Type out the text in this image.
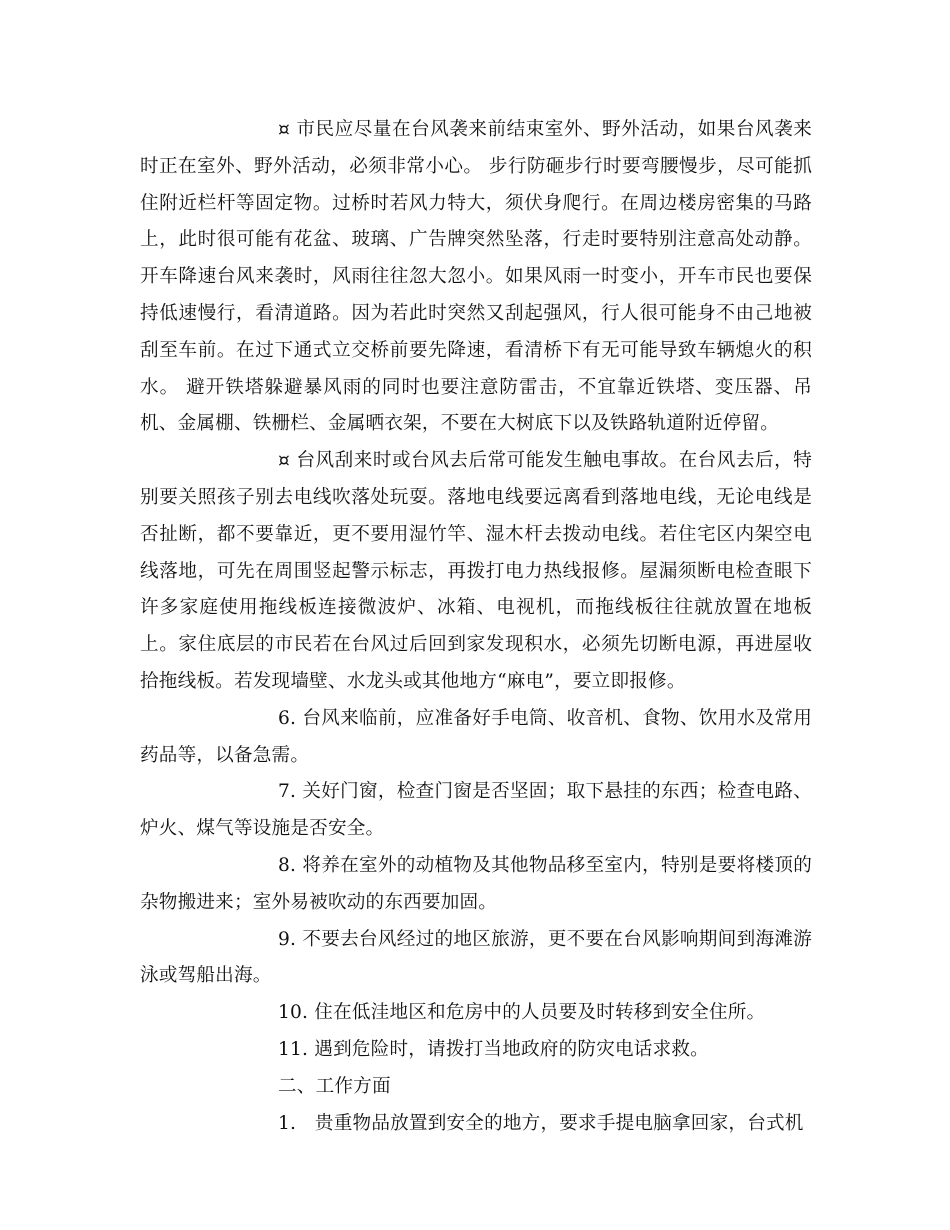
¤ 市民应尽量在台风袭来前结束室外、野外活动，如果台风袭来时正在室外、野外活动，必须非常小心。 步行防砸步行时要弯腰慢步，尽可能抓住附近栏杆等固定物。过桥时若风力特大，须伏身爬行。在周边楼房密集的马路上，此时很可能有花盆、玻璃、广告牌突然坠落，行走时要特别注意高处动静。 开车降速台风来袭时，风雨往往忽大忽小。如果风雨一时变小，开车市民也要保持低速慢行，看清道路。因为若此时突然又刮起强风，行人很可能身不由己地被刮至车前。在过下通式立交桥前要先降速，看清桥下有无可能导致车辆熄火的积水。 避开铁塔躲避暴风雨的同时也要注意防雷击，不宜靠近铁塔、变压器、吊机、金属棚、铁栅栏、金属晒衣架，不要在大树底下以及铁路轨道附近停留。

¤ 台风刮来时或台风去后常可能发生触电事故。在台风去后，特别要关照孩子别去电线吹落处玩耍。落地电线要远离看到落地电线，无论电线是否扯断，都不要靠近，更不要用湿竹竿、湿木杆去拨动电线。若住宅区内架空电线落地，可先在周围竖起警示标志，再拨打电力热线报修。屋漏须断电检查眼下许多家庭使用拖线板连接微波炉、冰箱、电视机，而拖线板往往就放置在地板上。家住底层的市民若在台风过后回到家发现积水，必须先切断电源，再进屋收拾拖线板。若发现墙壁、水龙头或其他地方“麻电”，要立即报修。

6. 台风来临前，应准备好手电筒、收音机、食物、饮用水及常用药品等，以备急需。

7. 关好门窗，检查门窗是否坚固；取下悬挂的东西；检查电路、炉火、煤气等设施是否安全。

8. 将养在室外的动植物及其他物品移至室内，特别是要将楼顶的杂物搬进来；室外易被吹动的东西要加固。

9. 不要去台风经过的地区旅游，更不要在台风影响期间到海滩游泳或驾船出海。

10. 住在低洼地区和危房中的人员要及时转移到安全住所。

11. 遇到危险时，请拨打当地政府的防灾电话求救。

二、工作方面

1.　贵重物品放置到安全的地方，要求手提电脑拿回家，台式机
